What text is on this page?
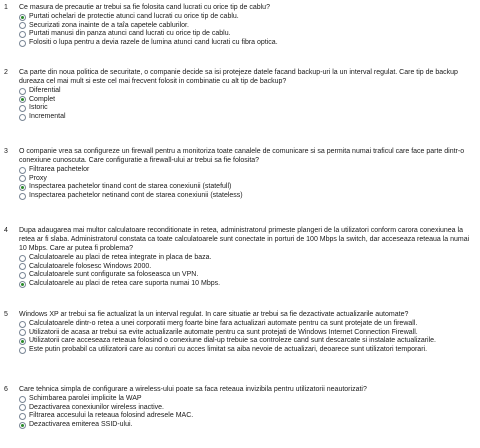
1 Ce masura de precautie ar trebui sa fie folosita cand lucrati cu orice tip de cablu?
Purtati ochelari de protectie atunci cand lucrati cu orice tip de cablu.
Securizati zona inainte de a taîa capetele cablurilor.
Purtati manusi din panza atunci cand lucrati cu orice tip de cablu.
Folositi o lupa pentru a devia razele de lumina atunci cand lucrati cu fibra optica.
2 Ca parte din noua politica de securitate, o companie decide sa isi protejeze datele facand backup-uri la un interval regulat. Care tip de backup dureaza cel mai mult si este cel mai frecvent folosit in combinatie cu alt tip de backup?
Diferential
Complet
Istoric
Incremental
3 O companie vrea sa configureze un firewall pentru a monitoriza toate canalele de comunicare si sa permita numai traficul care face parte dintr-o conexiune cunoscuta. Care configuratie a firewall-ului ar trebui sa fie folosita?
Filtrarea pachetelor
Proxy
Inspectarea pachetelor tinand cont de starea conexiunii (statefull)
Inspectarea pachetelor netinand cont de starea conexiunii (stateless)
4 Dupa adaugarea mai multor calculatoare reconditionate in retea, administratorul primeste plangeri de la utilizatori conform carora conexiunea la retea ar fi slaba. Administratorul constata ca toate calculatoarele sunt conectate in porturi de 100 Mbps la switch, dar acceseaza reteaua la numai 10 Mbps. Care ar putea fi problema?
Calculatoarele au placi de retea integrate in placa de baza.
Calculatoarele folosesc Windows 2000.
Calculatoarele sunt configurate sa foloseasca un VPN.
Calculatoarele au placi de retea care suporta numai 10 Mbps.
5 Windows XP ar trebui sa fie actualizat la un interval regulat. In care situatie ar trebui sa fie dezactivate actualizarile automate?
Calculatoarele dintr-o retea a unei corporatii merg foarte bine fara actualizari automate pentru ca sunt protejate de un firewall.
Utilizatorii de acasa ar trebui sa evite actualizarile automate pentru ca sunt protejati de Windows Internet Connection Firewall.
Utilizatorii care acceseaza reteaua folosind o conexiune dial-up trebuie sa controleze cand sunt descarcate si instalate actualizarile.
Este putin probabil ca utilizatorii care au conturi cu acces limitat sa aiba nevoie de actualizari, deoarece sunt utilizatori temporari.
6 Care tehnica simpla de configurare a wireless-ului poate sa faca reteaua invizibila pentru utilizatorii neautorizati?
Schimbarea parolei implicite la WAP
Dezactivarea conexiunilor wireless inactive.
Filtrarea accesului la reteaua folosind adresele MAC.
Dezactivarea emiterea SSID-ului.
